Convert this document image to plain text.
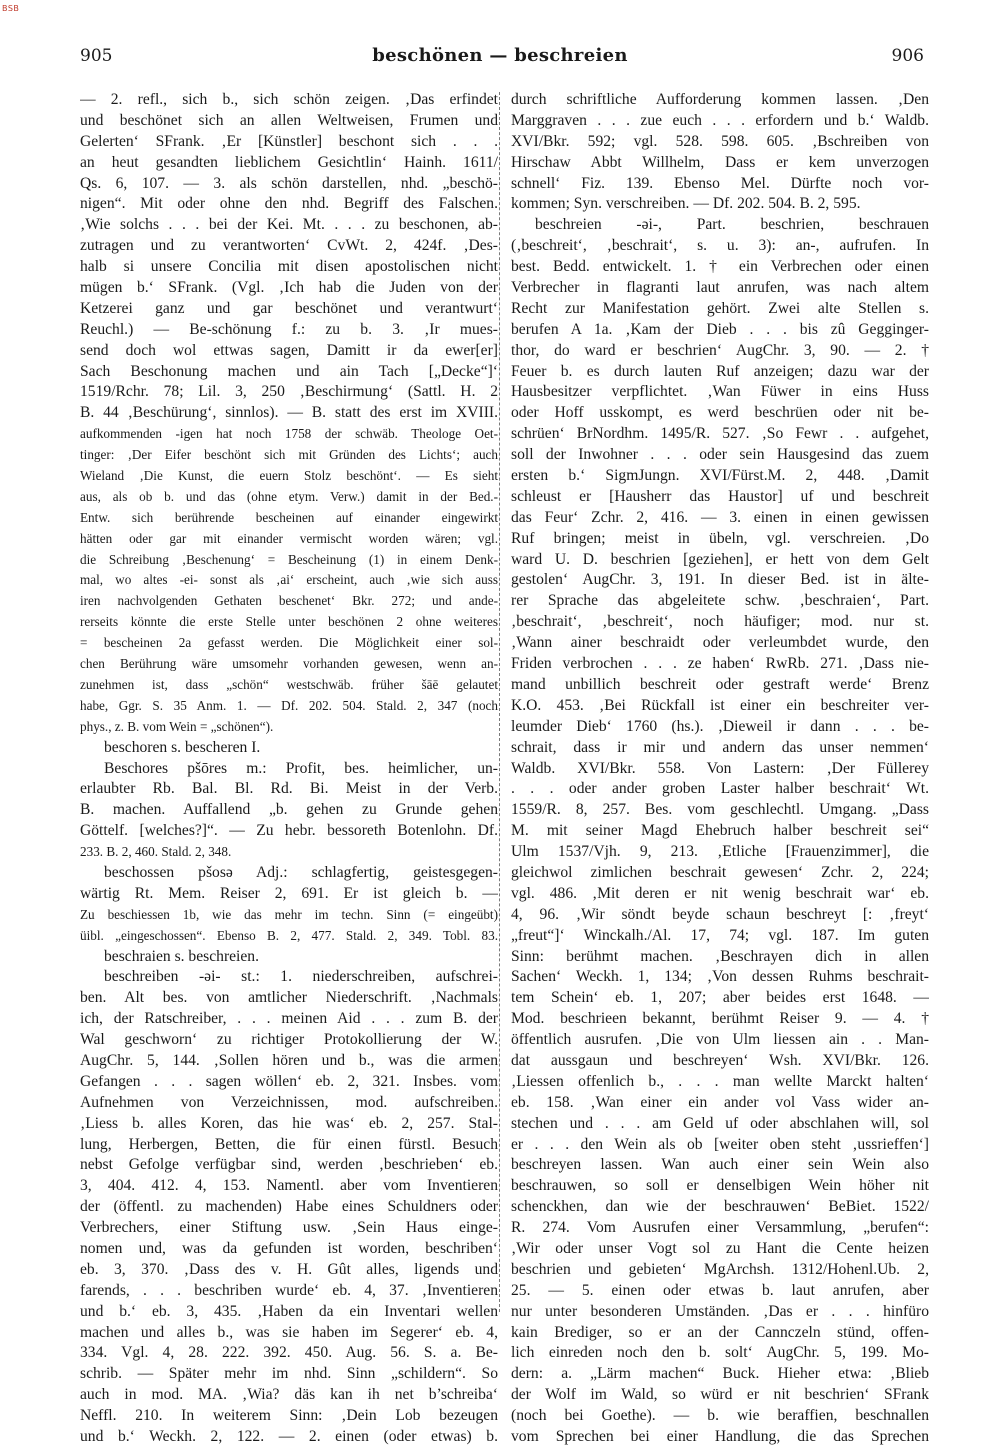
BSB
905	beschönen — beschreien	906
— 2. refl., sich b., sich schön zeigen. ‚Das erfindet
und beschönet sich an allen Weltweisen, Frumen und
Gelerten‘ SFrank. ‚Er [Künstler] beschont sich . . .
an heut gesandten lieblichem Gesichtlin‘ Hainh. 1611/
Qs. 6, 107. — 3. als schön darstellen, nhd. „beschö-
nigen“. Mit oder ohne den nhd. Begriff des Falschen.
‚Wie solchs . . . bei der Kei. Mt. . . . zu beschonen, ab-
zutragen und zu verantworten‘ CvWt. 2, 424f. ‚Des-
halb si unsere Concilia mit disen apostolischen nicht
mügen b.‘ SFrank. (Vgl. ‚Ich hab die Juden von der
Ketzerei ganz und gar beschönet und verantwurt‘
Reuchl.) — Be-schönung f.: zu b. 3. ‚Ir mues-
send doch wol ettwas sagen, Damitt ir da ewer[er]
Sach Beschonung machen und ain Tach [„Decke“]‘
1519/Rchr. 78; Lil. 3, 250 ‚Beschirmung‘ (Sattl. H. 2
B. 44 ‚Beschürung‘, sinnlos). — B. statt des erst im XVIII.
aufkommenden -igen hat noch 1758 der schwäb. Theologe Oet-
tinger: ‚Der Eifer beschönt sich mit Gründen des Lichts‘; auch
Wieland ‚Die Kunst, die euern Stolz beschönt‘. — Es sieht
aus, als ob b. und das (ohne etym. Verw.) damit in der Bed.-
Entw. sich berührende bescheinen auf einander eingewirkt
hätten oder gar mit einander vermischt worden wären; vgl.
die Schreibung ‚Beschenung‘ = Bescheinung (1) in einem Denk-
mal, wo altes -ei- sonst als ‚ai‘ erscheint, auch ‚wie sich auss
iren nachvolgenden Gethaten beschenet‘ Bkr. 272; und ande-
rerseits könnte die erste Stelle unter beschönen 2 ohne weiteres
= bescheinen 2a gefasst werden. Die Möglichkeit einer sol-
chen Berührung wäre umsomehr vorhanden gewesen, wenn an-
zunehmen ist, dass „schön“ westschwäb. früher šāē gelautet
habe, Ggr. S. 35 Anm. 1. — Df. 202. 504. Stald. 2, 347 (noch
phys., z. B. vom Wein = „schönen“).
beschoren s. bescheren I.
Beschores pšōres m.: Profit, bes. heimlicher, un-
erlaubter Rb. Bal. Bl. Rd. Bi. Meist in der Verb.
B. machen. Auffallend „b. gehen zu Grunde gehen
Göttelf. [welches?]“. — Zu hebr. bessoreth Botenlohn. Df.
233. B. 2, 460. Stald. 2, 348.
beschossen pšosə Adj.: schlagfertig, geistesgegen-
wärtig Rt. Mem. Reiser 2, 691. Er ist gleich b. —
Zu beschiessen 1b, wie das mehr im techn. Sinn (= eingeübt)
üibl. „eingeschossen“. Ebenso B. 2, 477. Stald. 2, 349. Tobl. 83.
beschraien s. beschreien.
beschreiben -əi- st.: 1. niederschreiben, aufschrei-
ben. Alt bes. von amtlicher Niederschrift. ‚Nachmals
ich, der Ratschreiber, . . . meinen Aid . . . zum B. der
Wal geschworn‘ zu richtiger Protokollierung der W.
AugChr. 5, 144. ‚Sollen hören und b., was die armen
Gefangen . . . sagen wöllen‘ eb. 2, 321. Insbes. vom
Aufnehmen von Verzeichnissen, mod. aufschreiben.
‚Liess b. alles Koren, das hie was‘ eb. 2, 257. Stal-
lung, Herbergen, Betten, die für einen fürstl. Besuch
nebst Gefolge verfügbar sind, werden ‚beschrieben‘ eb.
3, 404. 412. 4, 153. Namentl. aber vom Inventieren
der (öffentl. zu machenden) Habe eines Schuldners oder
Verbrechers, einer Stiftung usw. ‚Sein Haus einge-
nomen und, was da gefunden ist worden, beschriben‘
eb. 3, 370. ‚Dass des v. H. Gût alles, ligends und
farends, . . . beschriben wurde‘ eb. 4, 37. ‚Inventieren
und b.‘ eb. 3, 435. ‚Haben da ein Inventari wellen
machen und alles b., was sie haben im Segerer‘ eb. 4,
334. Vgl. 4, 28. 222. 392. 450. Aug. 56. S. a. Be-
schrib. — Später mehr im nhd. Sinn „schildern“. So
auch in mod. MA. ‚Wia? däs kan ih net b’schreiba‘
Neffl. 210. In weiterem Sinn: ‚Dein Lob bezeugen
und b.‘ Weckh. 2, 122. — 2. einen (oder etwas) b.
durch schriftliche Aufforderung kommen lassen. ‚Den
Marggraven . . . zue euch . . . erfordern und b.‘ Waldb.
XVI/Bkr. 592; vgl. 528. 598. 605. ‚Bschreiben von
Hirschaw Abbt Willhelm, Dass er kem unverzogen
schnell‘ Fiz. 139. Ebenso Mel. Dürfte noch vor-
kommen; Syn. verschreiben. — Df. 202. 504. B. 2, 595.
beschreien -əi-, Part. beschrien, beschrauen
(‚beschreit‘, ‚beschrait‘, s. u. 3): an-, aufrufen. In
best. Bedd. entwickelt. 1. † ein Verbrechen oder einen
Verbrecher in flagranti laut anrufen, was nach altem
Recht zur Manifestation gehört. Zwei alte Stellen s.
berufen A 1a. ‚Kam der Dieb . . . bis zû Gegginger-
thor, do ward er beschrien‘ AugChr. 3, 90. — 2. †
Feuer b. es durch lauten Ruf anzeigen; dazu war der
Hausbesitzer verpflichtet. ‚Wan Füwer in eins Huss
oder Hoff usskompt, es werd beschrüen oder nit be-
schrüen‘ BrNordhm. 1495/R. 527. ‚So Fewr . . aufgehet,
soll der Inwohner . . . oder sein Hausgesind das zuem
ersten b.‘ SigmJungn. XVI/Fürst.M. 2, 448. ‚Damit
schleust er [Hausherr das Haustor] uf und beschreit
das Feur‘ Zchr. 2, 416. — 3. einen in einen gewissen
Ruf bringen; meist in übeln, vgl. verschreien. ‚Do
ward U. D. beschrien [geziehen], er hett von dem Gelt
gestolen‘ AugChr. 3, 191. In dieser Bed. ist in älte-
rer Sprache das abgeleitete schw. ‚beschraien‘, Part.
‚beschrait‘, ‚beschreit‘, noch häufiger; mod. nur st.
‚Wann ainer beschraidt oder verleumbdet wurde, den
Friden verbrochen . . . ze haben‘ RwRb. 271. ‚Dass nie-
mand unbillich beschreit oder gestraft werde‘ Brenz
K.O. 453. ‚Bei Rückfall ist einer ein beschreiter ver-
leumder Dieb‘ 1760 (hs.). ‚Dieweil ir dann . . . be-
schrait, dass ir mir und andern das unser nemmen‘
Waldb. XVI/Bkr. 558. Von Lastern: ‚Der Füllerey
. . . oder ander groben Laster halber beschrait‘ Wt.
1559/R. 8, 257. Bes. vom geschlechtl. Umgang. „Dass
M. mit seiner Magd Ehebruch halber beschreit sei“
Ulm 1537/Vjh. 9, 213. ‚Etliche [Frauenzimmer], die
gleichwol zimlichen beschrait gewesen‘ Zchr. 2, 224;
vgl. 486. ‚Mit deren er nit wenig beschrait war‘ eb.
4, 96. ‚Wir söndt beyde schaun beschreyt [: ‚freyt‘
„freut“]‘ Winckalh./Al. 17, 74; vgl. 187. Im guten
Sinn: berühmt machen. ‚Beschrayen dich in allen
Sachen‘ Weckh. 1, 134; ‚Von dessen Ruhms beschrait-
tem Schein‘ eb. 1, 207; aber beides erst 1648. —
Mod. beschrieen bekannt, berühmt Reiser 9. — 4. †
öffentlich ausrufen. ‚Die von Ulm liessen ain . . Man-
dat aussgaun und beschreyen‘ Wsh. XVI/Bkr. 126.
‚Liessen offenlich b., . . . man wellte Marckt halten‘
eb. 158. ‚Wan einer ein ander vol Vass wider an-
stechen und . . . am Geld uf oder abschlahen will, sol
er . . . den Wein als ob [weiter oben steht ‚ussrieffen‘]
beschreyen lassen. Wan auch einer sein Wein also
beschrauwen, so soll er denselbigen Wein höher nit
schenckhen, dan wie der beschrauwen‘ BeBiet. 1522/
R. 274. Vom Ausrufen einer Versammlung, „berufen“:
‚Wir oder unser Vogt sol zu Hant die Cente heizen
beschrien und gebieten‘ MgArchsh. 1312/Hohenl.Ub. 2,
25. — 5. einen oder etwas b. laut anrufen, aber
nur unter besonderen Umständen. ‚Das er . . . hinfüro
kain Brediger, so er an der Cannczeln stünd, offen-
lich einreden noch den b. solt‘ AugChr. 5, 199. Mo-
dern: a. „Lärm machen“ Buck. Hieher etwa: ‚Blieb
der Wolf im Wald, so würd er nit beschrien‘ SFrank
(noch bei Goethe). — b. wie beraffien, beschnallen
vom Sprechen bei einer Handlung, die das Sprechen
